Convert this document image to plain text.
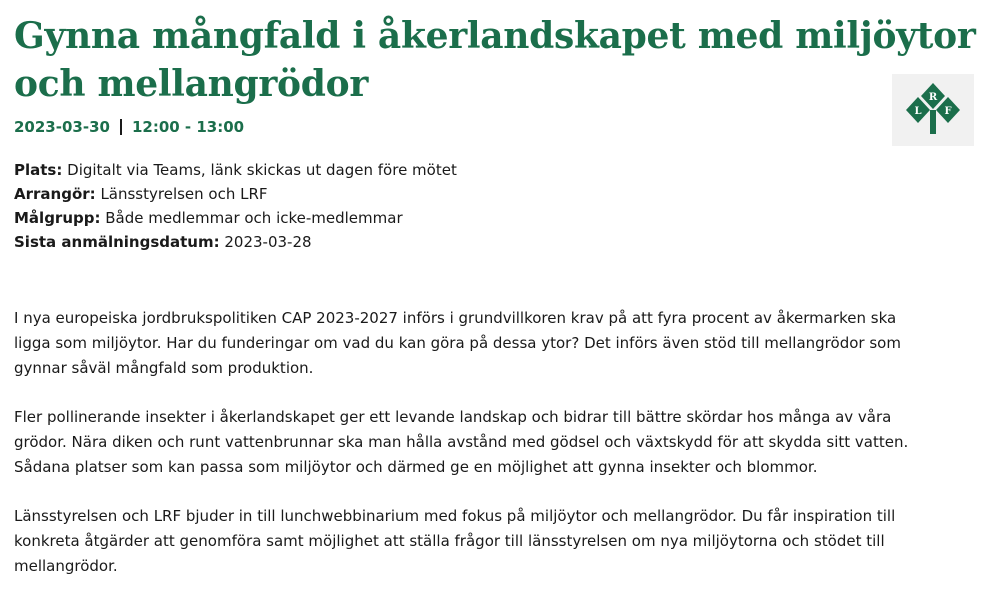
Gynna mångfald i åkerlandskapet med miljöytor
och mellangrödor	R
L F
2023-03-30 12:00 - 13:00
Plats: Digitalt via Teams, länk skickas ut dagen före mötet
Arrangör: Länsstyrelsen och LRF
Målgrupp: Både medlemmar och icke-medlemmar
Sista anmälningsdatum: 2023-03-28

I nya europeiska jordbrukspolitiken CAP 2023-2027 införs i grundvillkoren krav på att fyra procent av åkermarken ska
ligga som miljöytor. Har du funderingar om vad du kan göra på dessa ytor? Det införs även stöd till mellangrödor som
gynnar såväl mångfald som produktion.

Fler pollinerande insekter i åkerlandskapet ger ett levande landskap och bidrar till bättre skördar hos många av våra
grödor. Nära diken och runt vattenbrunnar ska man hålla avstånd med gödsel och växtskydd för att skydda sitt vatten.
Sådana platser som kan passa som miljöytor och därmed ge en möjlighet att gynna insekter och blommor.

Länsstyrelsen och LRF bjuder in till lunchwebbinarium med fokus på miljöytor och mellangrödor. Du får inspiration till
konkreta åtgärder att genomföra samt möjlighet att ställa frågor till länsstyrelsen om nya miljöytorna och stödet till
mellangrödor.
